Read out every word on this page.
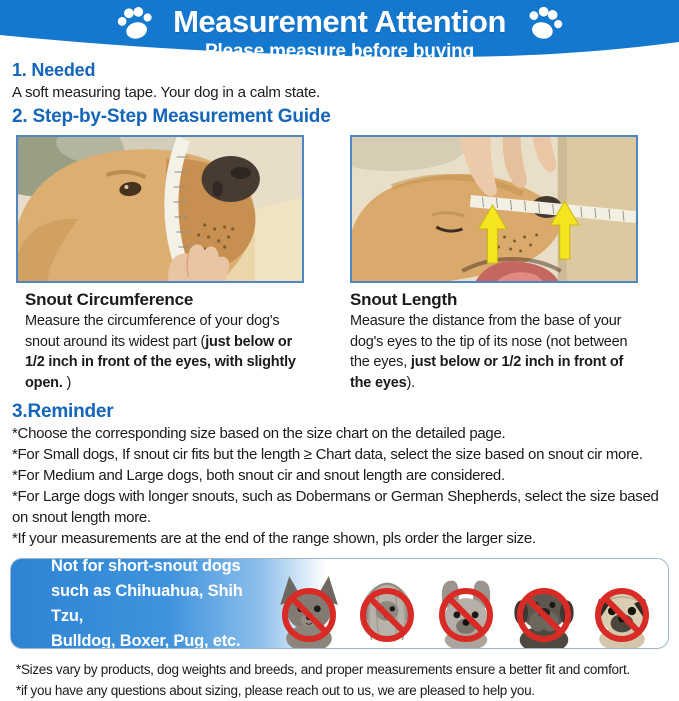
Measurement Attention
Please measure before buying
1. Needed

A soft measuring tape. Your dog in a calm state.

2. Step-by-Step Measurement Guide
Snout Circumference

Measure the circumference of your dog's snout around its widest part (just below or 1/2 inch in front of the eyes, with slightly open. )

Snout Length

Measure the distance from the base of your dog's eyes to the tip of its nose (not between the eyes, just below or 1/2 inch in front of the eyes).

3.Reminder

*Choose the corresponding size based on the size chart on the detailed page.

*For Small dogs, If snout cir fits but the length ≥ Chart data, select the size based on snout cir more.

*For Medium and Large dogs, both snout cir and snout length are considered.

*For Large dogs with longer snouts, such as Dobermans or German Shepherds, select the size based on snout length more.

*If your measurements are at the end of the range shown, pls order the larger size.

Not for short-snout dogs
such as Chihuahua, Shih Tzu,
Bulldog, Boxer, Pug, etc.
*Sizes vary by products, dog weights and breeds, and proper measurements ensure a better fit and comfort.
*if you have any questions about sizing, please reach out to us, we are pleased to help you.
